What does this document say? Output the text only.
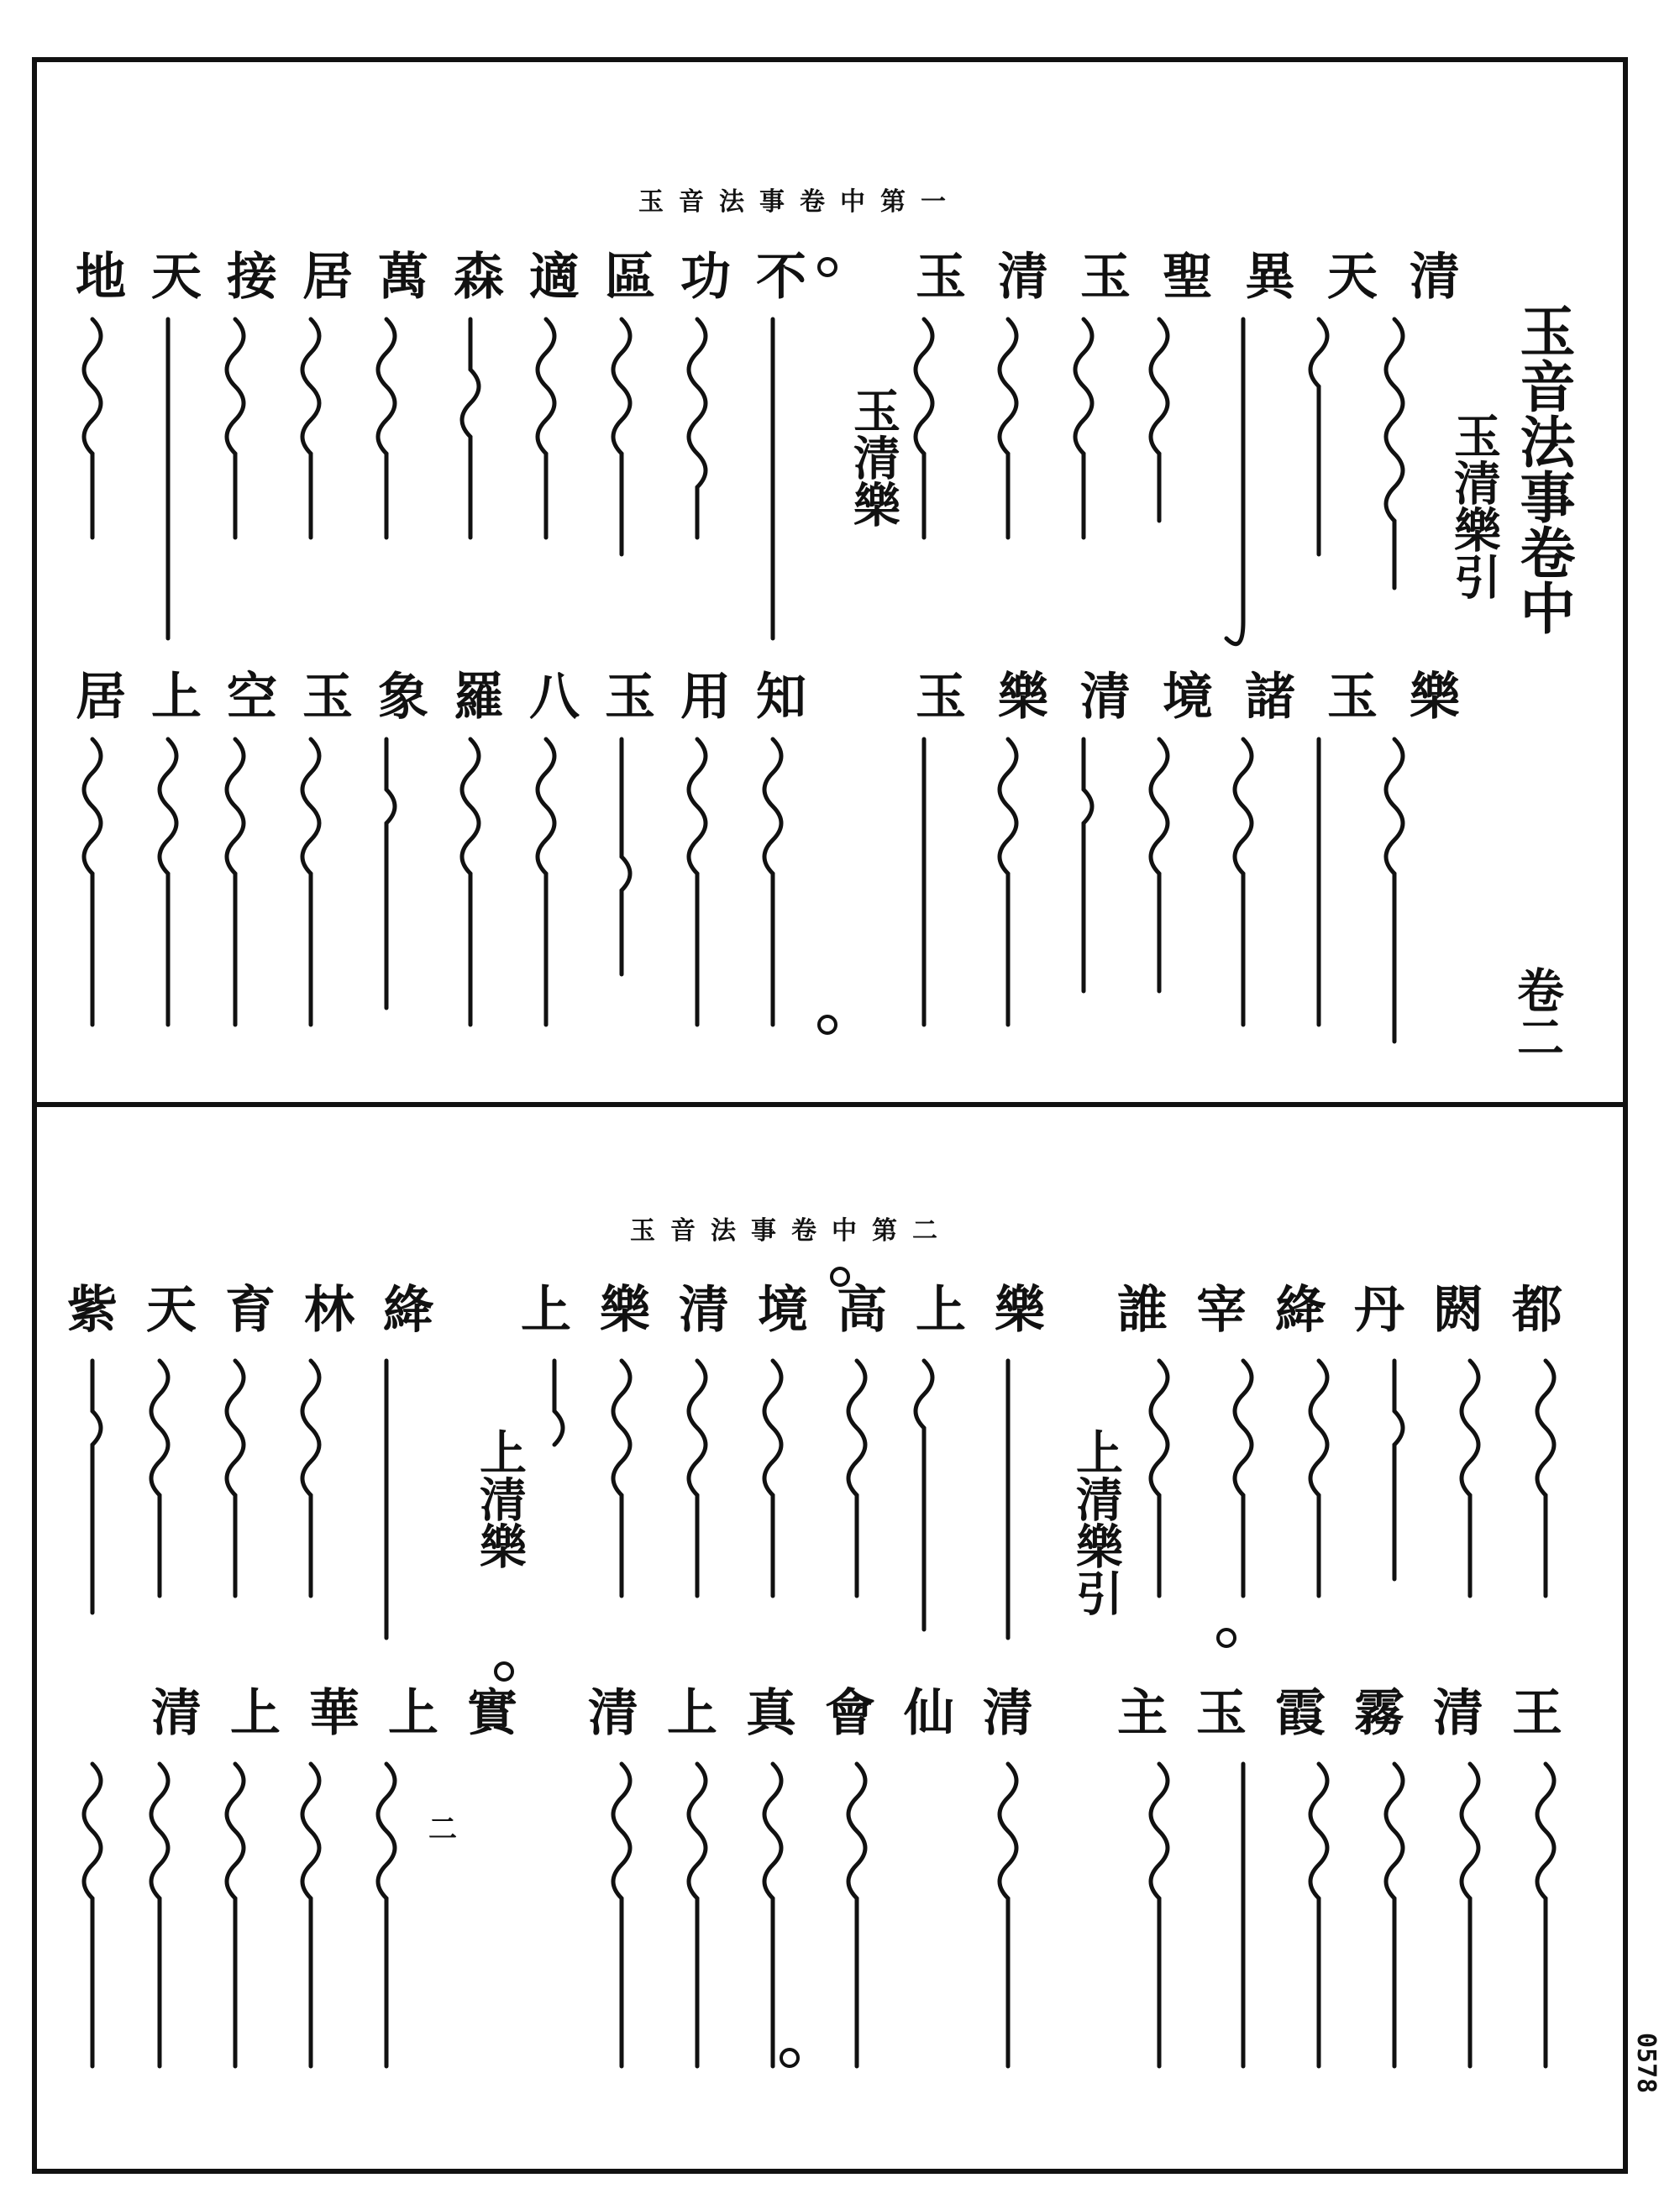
玉音法事卷中第一
玉音法事卷中
玉清樂引
卷二
玉清玉聖異天清
玉清樂
地天接居萬森適區功不
玉樂清境諸玉樂
居上空玉象羅八玉用知
玉音法事卷中第二
上清樂引
上清樂
誰宰絳丹閼都
上樂清境高上樂
紫天育林絳
主玉霞霧清王
清上真會仙清
清上華上實
二
0578
